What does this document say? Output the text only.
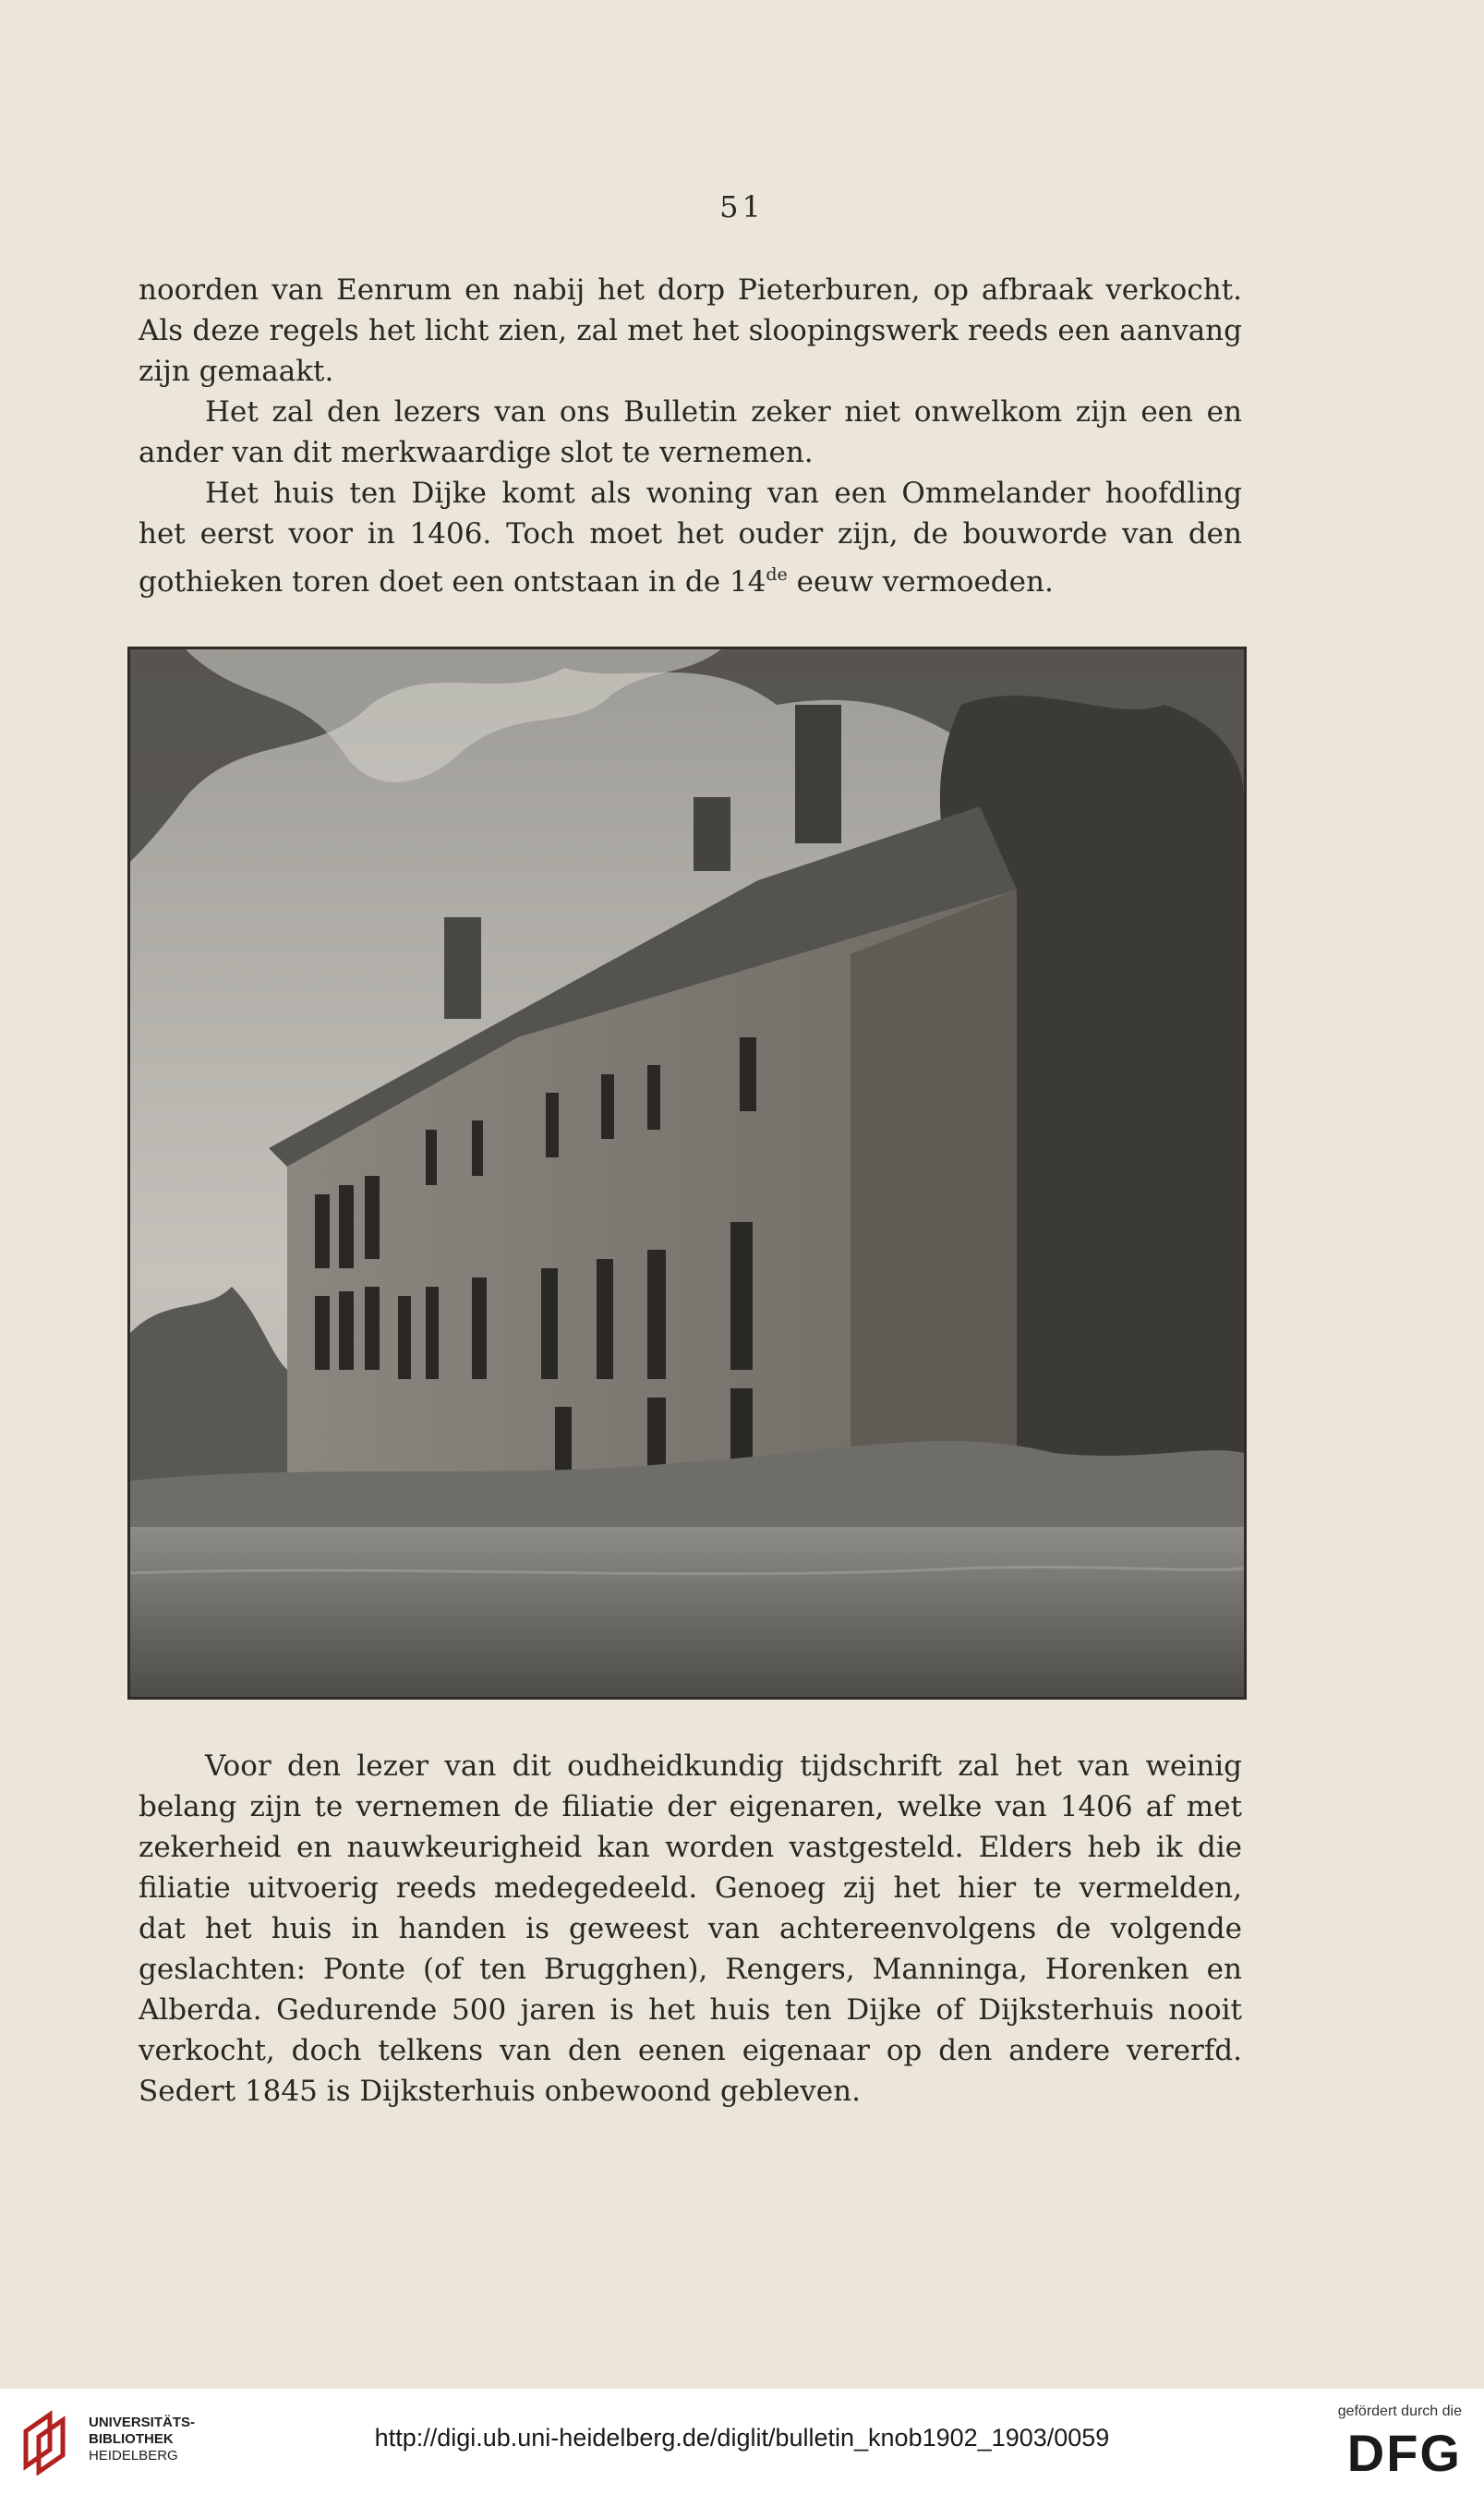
51

noorden van Eenrum en nabij het dorp Pieterburen, op afbraak verkocht.
Als deze regels het licht zien, zal met het sloopingswerk reeds een aanvang
zijn gemaakt.

Het zal den lezers van ons Bulletin zeker niet onwelkom zijn een en
ander van dit merkwaardige slot te vernemen.

Het huis ten Dijke komt als woning van een Ommelander hoofdling
het eerst voor in 1406. Toch moet het ouder zijn, de bouworde van den
gothieken toren doet een ontstaan in de 14de eeuw vermoeden.

Voor den lezer van dit oudheidkundig tijdschrift zal het van weinig
belang zijn te vernemen de filiatie der eigenaren, welke van 1406 af met
zekerheid en nauwkeurigheid kan worden vastgesteld. Elders heb ik die
filiatie uitvoerig reeds medegedeeld. Genoeg zij het hier te vermelden,
dat het huis in handen is geweest van achtereenvolgens de volgende
geslachten: Ponte (of ten Brugghen), Rengers, Manninga, Horenken en
Alberda. Gedurende 500 jaren is het huis ten Dijke of Dijksterhuis nooit
verkocht, doch telkens van den eenen eigenaar op den andere vererfd.
Sedert 1845 is Dijksterhuis onbewoond gebleven.

UNIVERSITÄTS-
BIBLIOTHEK
HEIDELBERG
http://digi.ub.uni-heidelberg.de/diglit/bulletin_knob1902_1903/0059
gefördert durch die
DFG
